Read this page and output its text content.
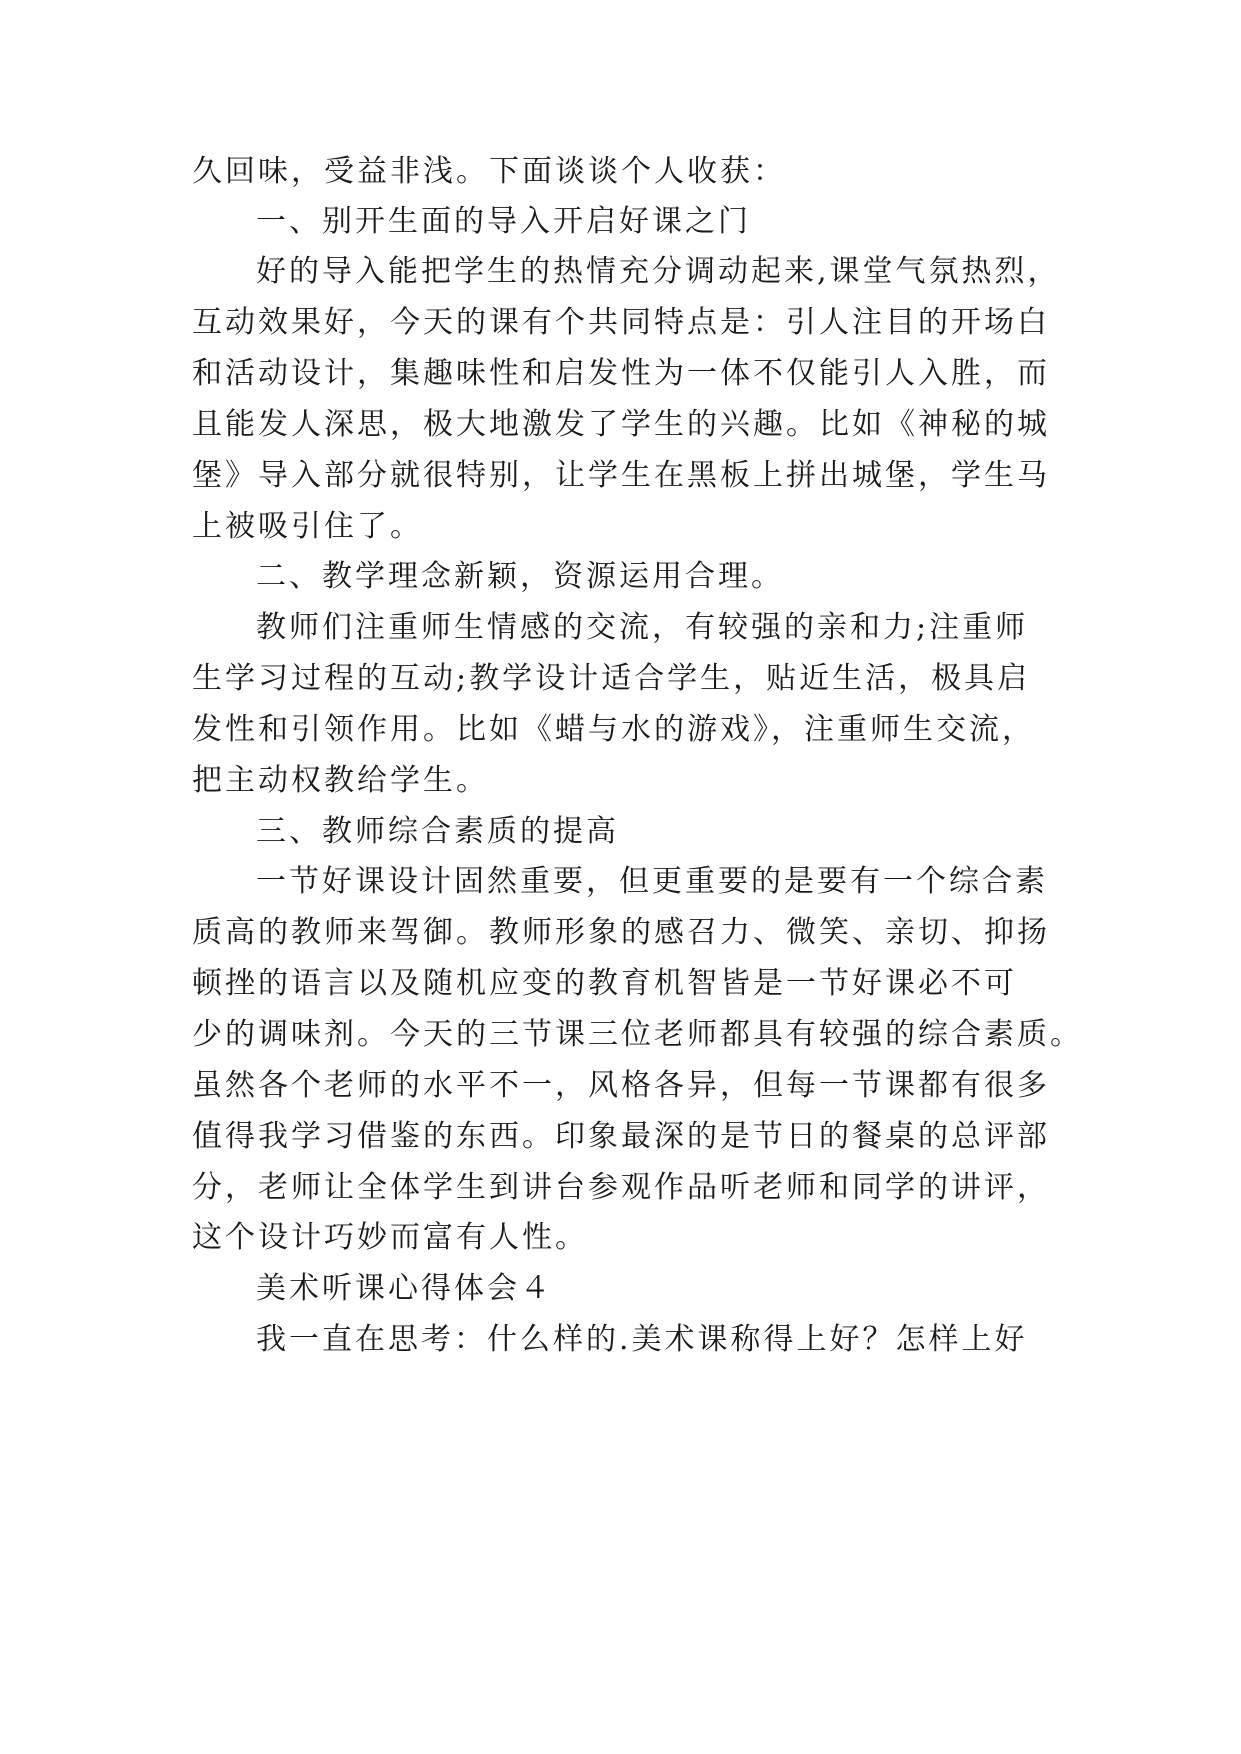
久回味，受益非浅。下面谈谈个人收获：
一、别开生面的导入开启好课之门
好的导入能把学生的热情充分调动起来,课堂气氛热烈，
互动效果好，今天的课有个共同特点是：引人注目的开场白
和活动设计，集趣味性和启发性为一体不仅能引人入胜，而
且能发人深思，极大地激发了学生的兴趣。比如《神秘的城
堡》导入部分就很特别，让学生在黑板上拼出城堡，学生马
上被吸引住了。
二、教学理念新颖，资源运用合理。
教师们注重师生情感的交流，有较强的亲和力;注重师
生学习过程的互动;教学设计适合学生，贴近生活，极具启
发性和引领作用。比如《蜡与水的游戏》，注重师生交流，
把主动权教给学生。
三、教师综合素质的提高
一节好课设计固然重要，但更重要的是要有一个综合素
质高的教师来驾御。教师形象的感召力、微笑、亲切、抑扬
顿挫的语言以及随机应变的教育机智皆是一节好课必不可
少的调味剂。今天的三节课三位老师都具有较强的综合素质。
虽然各个老师的水平不一，风格各异，但每一节课都有很多
值得我学习借鉴的东西。印象最深的是节日的餐桌的总评部
分，老师让全体学生到讲台参观作品听老师和同学的讲评，
这个设计巧妙而富有人性。
美术听课心得体会４
我一直在思考：什么样的.美术课称得上好？怎样上好
